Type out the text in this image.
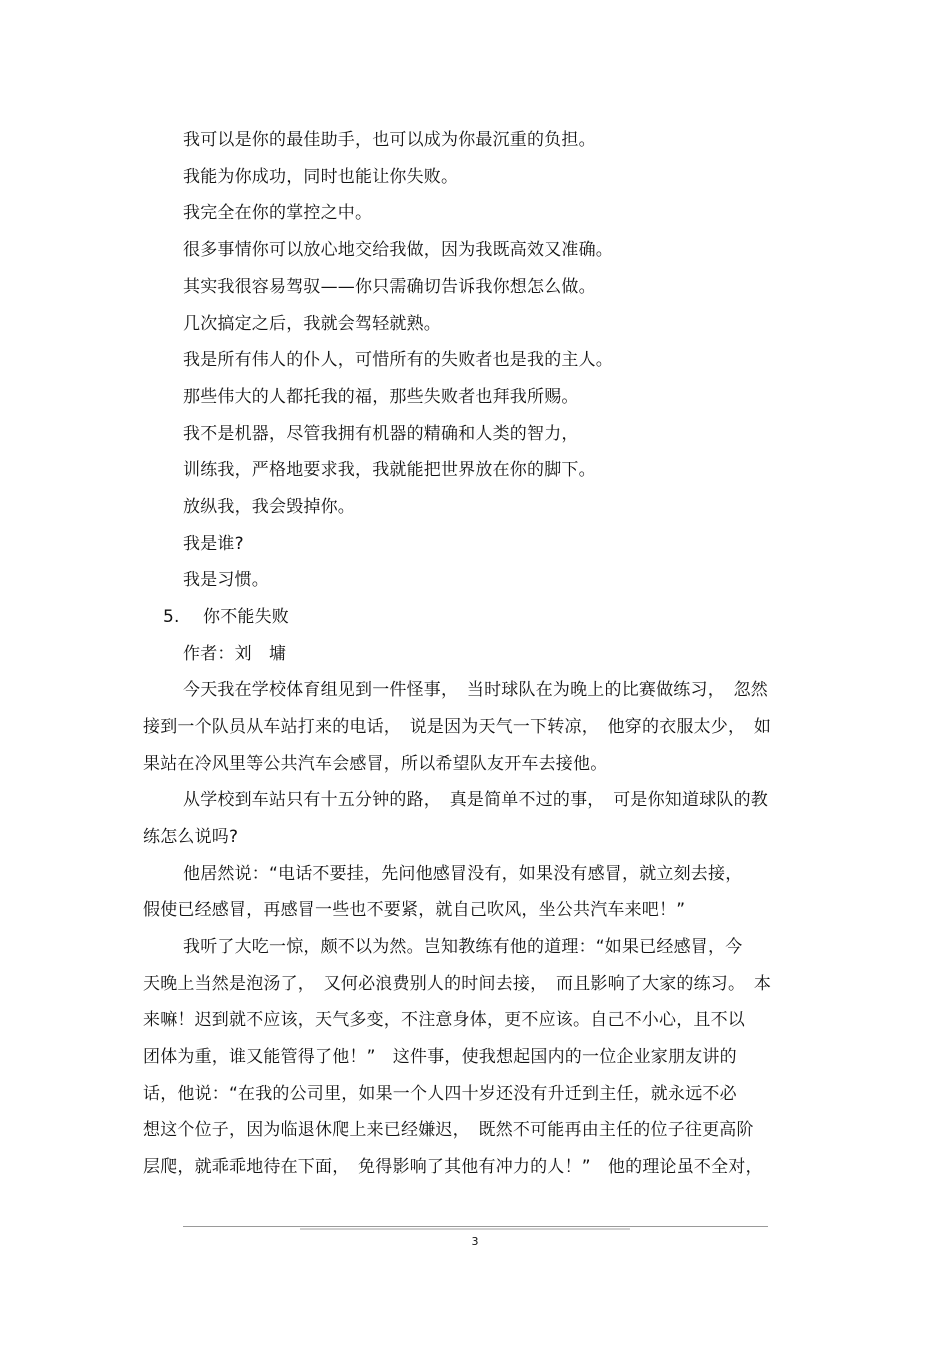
我可以是你的最佳助手，也可以成为你最沉重的负担。
我能为你成功，同时也能让你失败。
我完全在你的掌控之中。
很多事情你可以放心地交给我做，因为我既高效又准确。
其实我很容易驾驭——你只需确切告诉我你想怎么做。
几次搞定之后，我就会驾轻就熟。
我是所有伟人的仆人，可惜所有的失败者也是我的主人。
那些伟大的人都托我的福，那些失败者也拜我所赐。
我不是机器，尽管我拥有机器的精确和人类的智力，
训练我，严格地要求我，我就能把世界放在你的脚下。
放纵我，我会毁掉你。
我是谁?
我是习惯。
5. 你不能失败
作者：刘　墉
今天我在学校体育组见到一件怪事，　当时球队在为晚上的比赛做练习，　忽然
接到一个队员从车站打来的电话，　说是因为天气一下转凉，　他穿的衣服太少，　如
果站在冷风里等公共汽车会感冒，所以希望队友开车去接他。
从学校到车站只有十五分钟的路，　真是简单不过的事，　可是你知道球队的教
练怎么说吗?
他居然说：“电话不要挂，先问他感冒没有，如果没有感冒，就立刻去接，
假使已经感冒，再感冒一些也不要紧，就自己吹风，坐公共汽车来吧！”
我听了大吃一惊，颇不以为然。岂知教练有他的道理：“如果已经感冒，今
天晚上当然是泡汤了，　又何必浪费别人的时间去接，　而且影响了大家的练习。　本
来嘛！迟到就不应该，天气多变，不注意身体，更不应该。自己不小心，且不以
团体为重，谁又能管得了他！”　这件事，使我想起国内的一位企业家朋友讲的
话，他说：“在我的公司里，如果一个人四十岁还没有升迁到主任，就永远不必
想这个位子，因为临退休爬上来已经嫌迟，　既然不可能再由主任的位子往更高阶
层爬，就乖乖地待在下面，　免得影响了其他有冲力的人！”　他的理论虽不全对，
3
